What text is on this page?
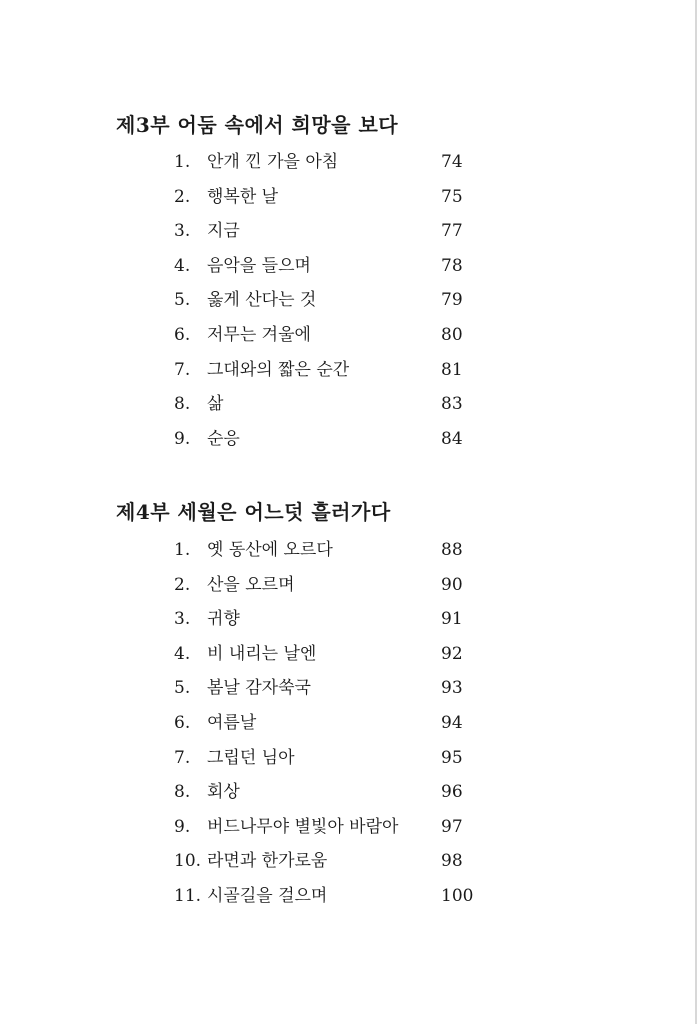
제3부 어둠 속에서 희망을 보다
1. 안개 낀 가을 아침	74
2. 행복한 날	75
3. 지금	77
4. 음악을 들으며	78
5. 옳게 산다는 것	79
6. 저무는 겨울에	80
7. 그대와의 짧은 순간	81
8. 삶	83
9. 순응	84
제4부 세월은 어느덧 흘러가다
1. 옛 동산에 오르다	88
2. 산을 오르며	90
3. 귀향	91
4. 비 내리는 날엔	92
5. 봄날 감자쑥국	93
6. 여름날	94
7. 그립던 님아	95
8. 회상	96
9. 버드나무야 별빛아 바람아	97
10. 라면과 한가로움	98
11. 시골길을 걸으며	100
